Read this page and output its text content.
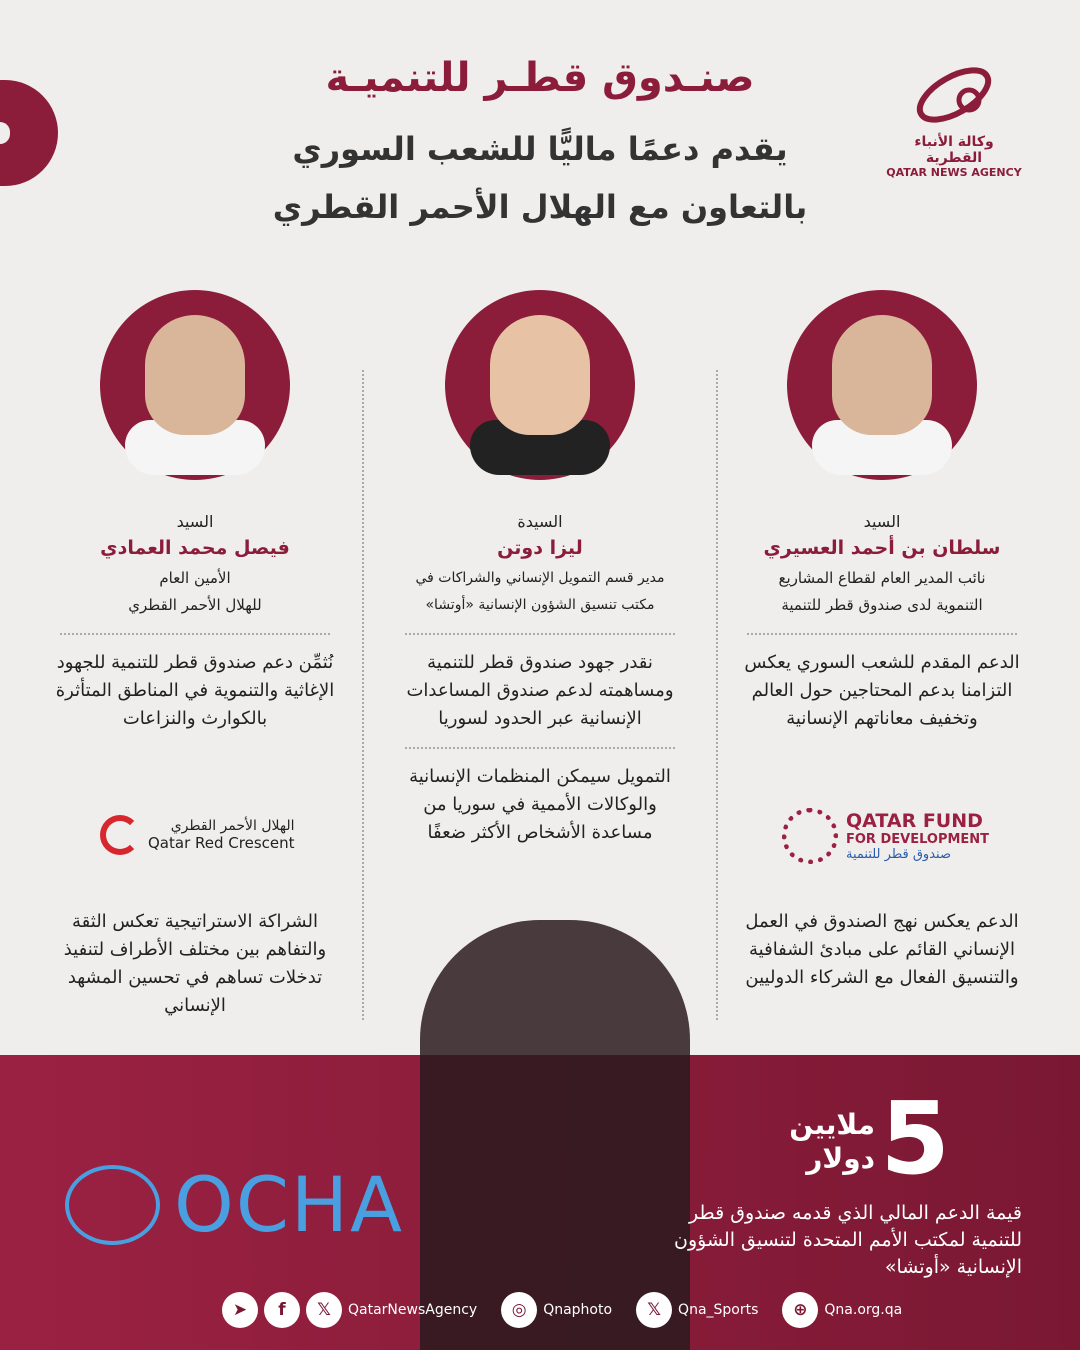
وكالة الأنباء القطرية
QATAR NEWS AGENCY
صنـدوق قطـر للتنميـة
يقدم دعمًا ماليًّا للشعب السوري
بالتعاون مع الهلال الأحمر القطري
السيد
سلطان بن أحمد العسيري
نائب المدير العام لقطاع المشاريع
التنموية لدى صندوق قطر للتنمية
الدعم المقدم للشعب السوري يعكس التزامنا بدعم المحتاجين حول العالم وتخفيف معاناتهم الإنسانية
الدعم يعكس نهج الصندوق في العمل الإنساني القائم على مبادئ الشفافية والتنسيق الفعال مع الشركاء الدوليين
السيدة
ليزا دوتن
مدير قسم التمويل الإنساني والشراكات في
مكتب تنسيق الشؤون الإنسانية «أوتشا»
نقدر جهود صندوق قطر للتنمية ومساهمته لدعم صندوق المساعدات الإنسانية عبر الحدود لسوريا
التمويل سيمكن المنظمات الإنسانية والوكالات الأممية في سوريا من مساعدة الأشخاص الأكثر ضعفًا
السيد
فيصل محمد العمادي
الأمين العام
للهلال الأحمر القطري
نُثمِّن دعم صندوق قطر للتنمية للجهود الإغاثية والتنموية في المناطق المتأثرة بالكوارث والنزاعات
الشراكة الاستراتيجية تعكس الثقة والتفاهم بين مختلف الأطراف لتنفيذ تدخلات تساهم في تحسين المشهد الإنساني
الهلال الأحمر القطري
Qatar Red Crescent
QATAR FUND
FOR DEVELOPMENT
صندوق قطر للتنمية
OCHA
5
ملايين
دولار
قيمة الدعم المالي الذي قدمه صندوق قطر للتنمية لمكتب الأمم المتحدة لتنسيق الشؤون الإنسانية «أوتشا»
➤	f	𝕏	QatarNewsAgency	◎	Qnaphoto	𝕏	Qna_Sports	⊕	Qna.org.qa
